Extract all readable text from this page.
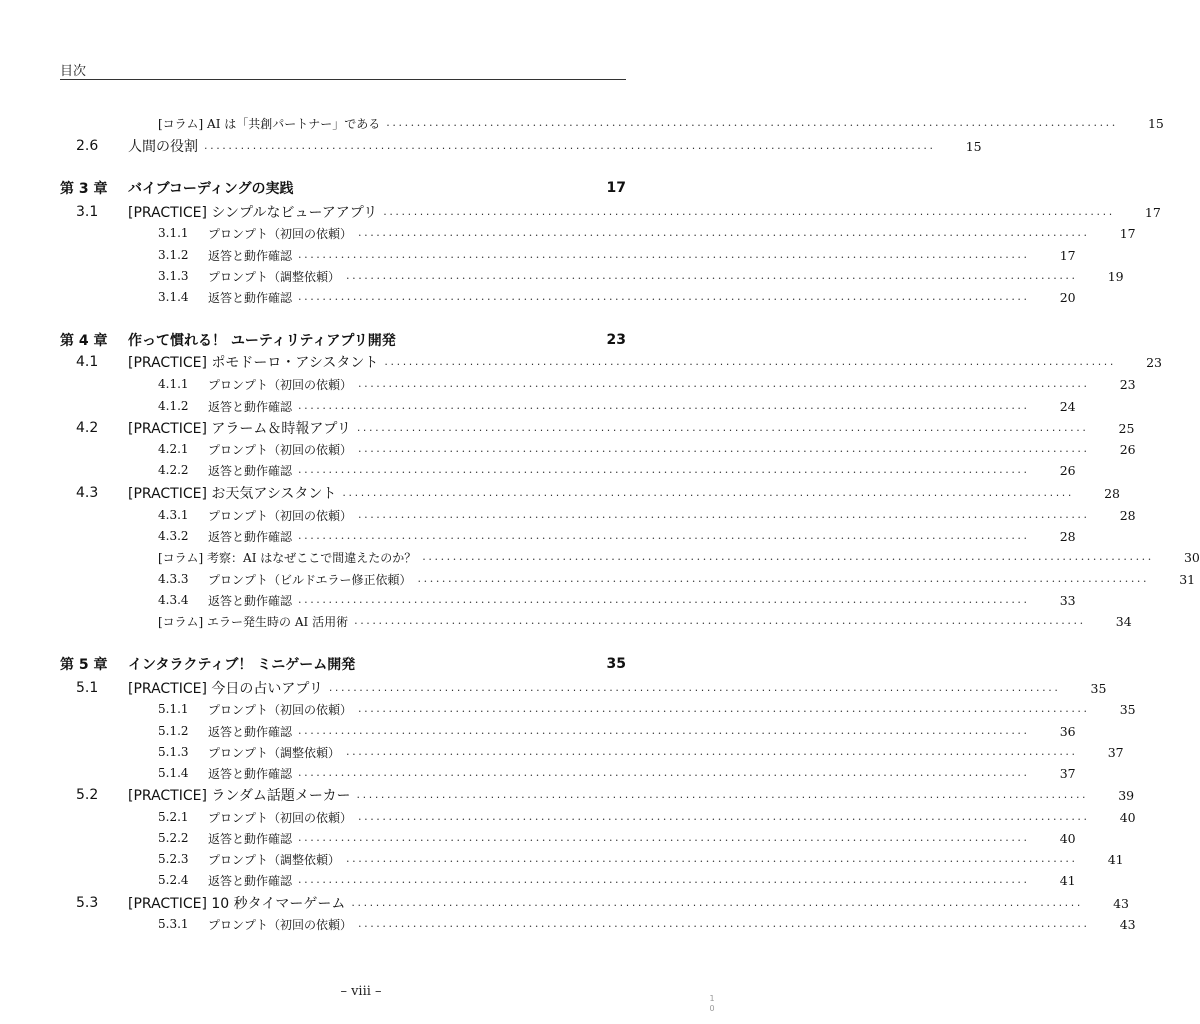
目次
[コラム] AI は「共創パートナー」である ........................................................................................................................	15
2.6	人間の役割 ........................................................................................................................	15
第 3 章 バイブコーディングの実践	17
3.1	[PRACTICE] シンプルなビューアアプリ ........................................................................................................................	17
3.1.1	プロンプト（初回の依頼） ........................................................................................................................	17
3.1.2	返答と動作確認 ........................................................................................................................	17
3.1.3	プロンプト（調整依頼） ........................................................................................................................	19
3.1.4	返答と動作確認 ........................................................................................................................	20
第 4 章 作って慣れる！ ユーティリティアプリ開発	23
4.1	[PRACTICE] ポモドーロ・アシスタント ........................................................................................................................	23
4.1.1	プロンプト（初回の依頼） ........................................................................................................................	23
4.1.2	返答と動作確認 ........................................................................................................................	24
4.2	[PRACTICE] アラーム＆時報アプリ ........................................................................................................................	25
4.2.1	プロンプト（初回の依頼） ........................................................................................................................	26
4.2.2	返答と動作確認 ........................................................................................................................	26
4.3	[PRACTICE] お天気アシスタント ........................................................................................................................	28
4.3.1	プロンプト（初回の依頼） ........................................................................................................................	28
4.3.2	返答と動作確認 ........................................................................................................................	28
[コラム] 考察：AI はなぜここで間違えたのか？ ........................................................................................................................	30
4.3.3	プロンプト（ビルドエラー修正依頼） ........................................................................................................................	31
4.3.4	返答と動作確認 ........................................................................................................................	33
[コラム] エラー発生時の AI 活用術 ........................................................................................................................	34
第 5 章 インタラクティブ！ ミニゲーム開発	35
5.1	[PRACTICE] 今日の占いアプリ ........................................................................................................................	35
5.1.1	プロンプト（初回の依頼） ........................................................................................................................	35
5.1.2	返答と動作確認 ........................................................................................................................	36
5.1.3	プロンプト（調整依頼） ........................................................................................................................	37
5.1.4	返答と動作確認 ........................................................................................................................	37
5.2	[PRACTICE] ランダム話題メーカー ........................................................................................................................	39
5.2.1	プロンプト（初回の依頼） ........................................................................................................................	40
5.2.2	返答と動作確認 ........................................................................................................................	40
5.2.3	プロンプト（調整依頼） ........................................................................................................................	41
5.2.4	返答と動作確認 ........................................................................................................................	41
5.3	[PRACTICE] 10 秒タイマーゲーム ........................................................................................................................	43
5.3.1	プロンプト（初回の依頼） ........................................................................................................................	43
– viii –	1
0
